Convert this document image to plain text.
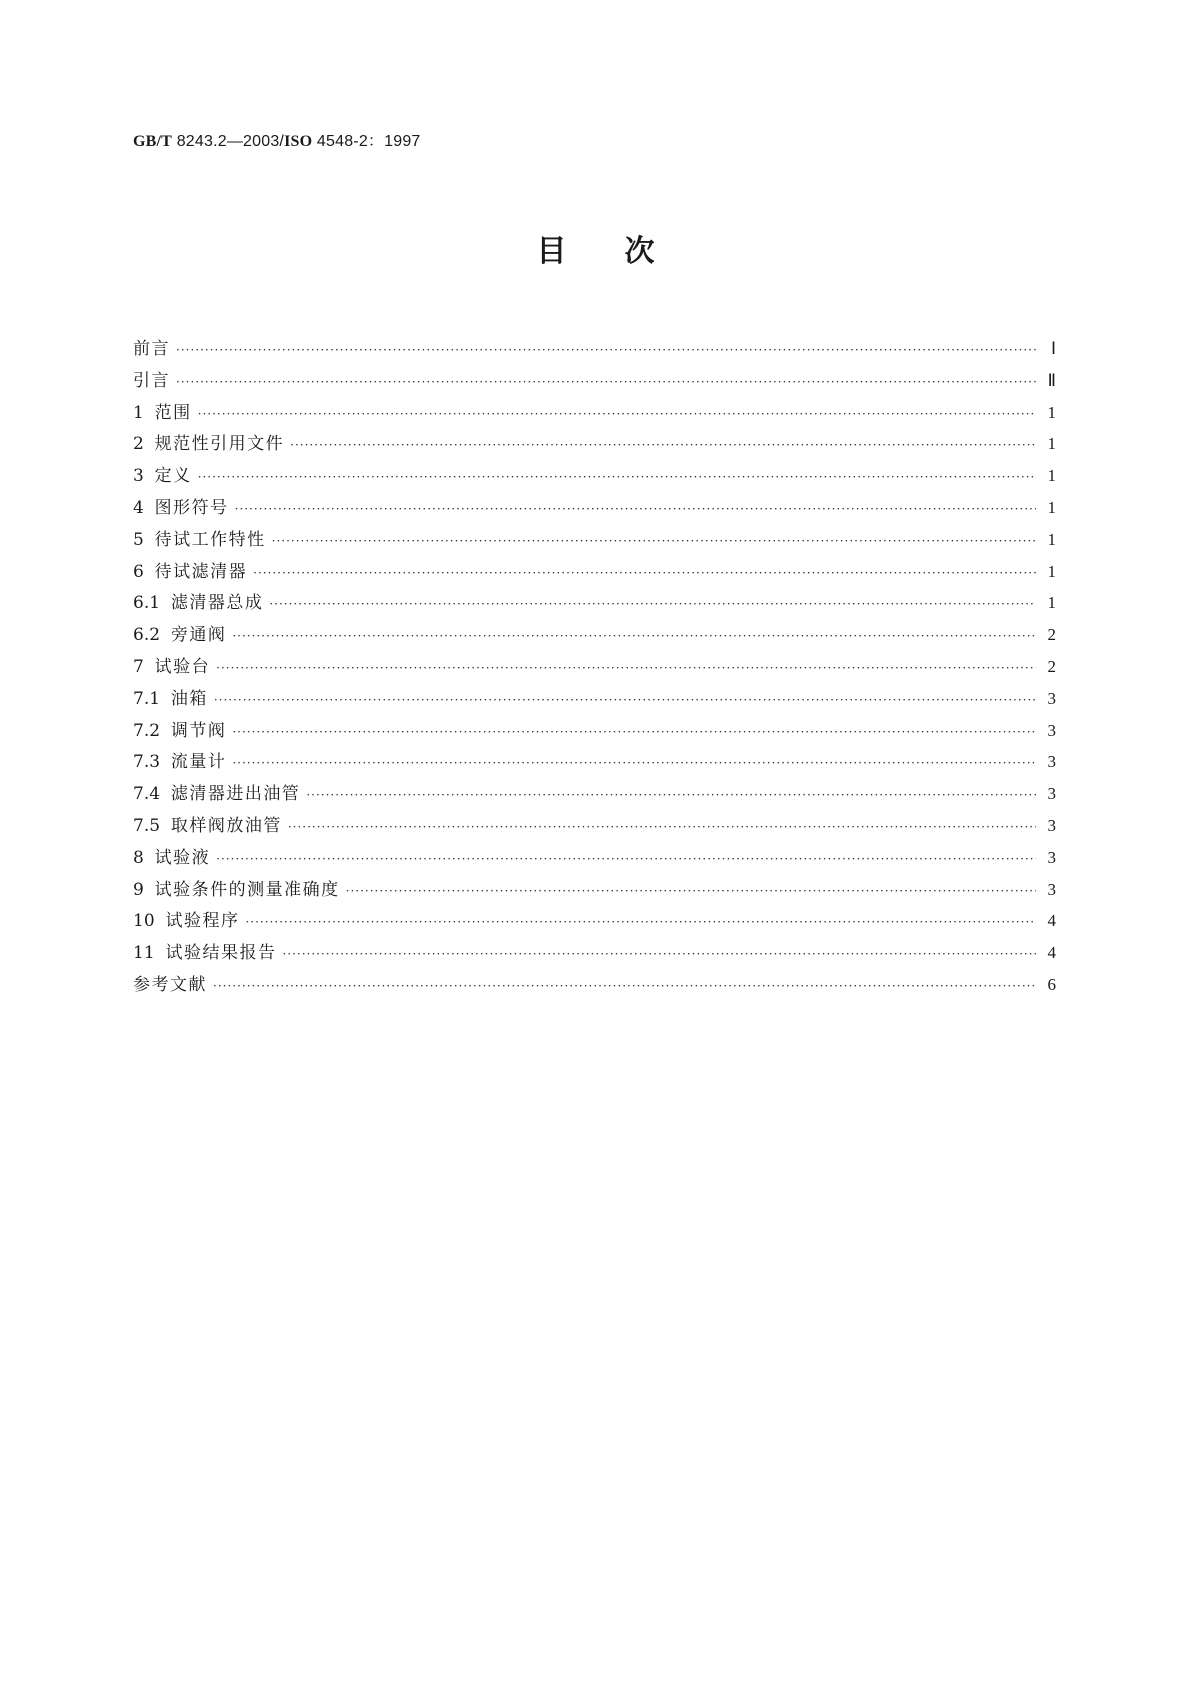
GB/T 8243.2—2003/ISO 4548-2：1997
目次
前言 ·····	Ⅰ
引言 ·····	Ⅱ
1 范围 ·····	1
2 规范性引用文件 ·····	1
3 定义 ·····	1
4 图形符号 ·····	1
5 待试工作特性 ·····	1
6 待试滤清器 ·····	1
6.1 滤清器总成 ·····	1
6.2 旁通阀 ·····	2
7 试验台 ·····	2
7.1 油箱 ·····	3
7.2 调节阀 ·····	3
7.3 流量计 ·····	3
7.4 滤清器进出油管 ·····	3
7.5 取样阀放油管 ·····	3
8 试验液 ·····	3
9 试验条件的测量准确度 ·····	3
10 试验程序 ·····	4
11 试验结果报告 ·····	4
参考文献 ·····	6
